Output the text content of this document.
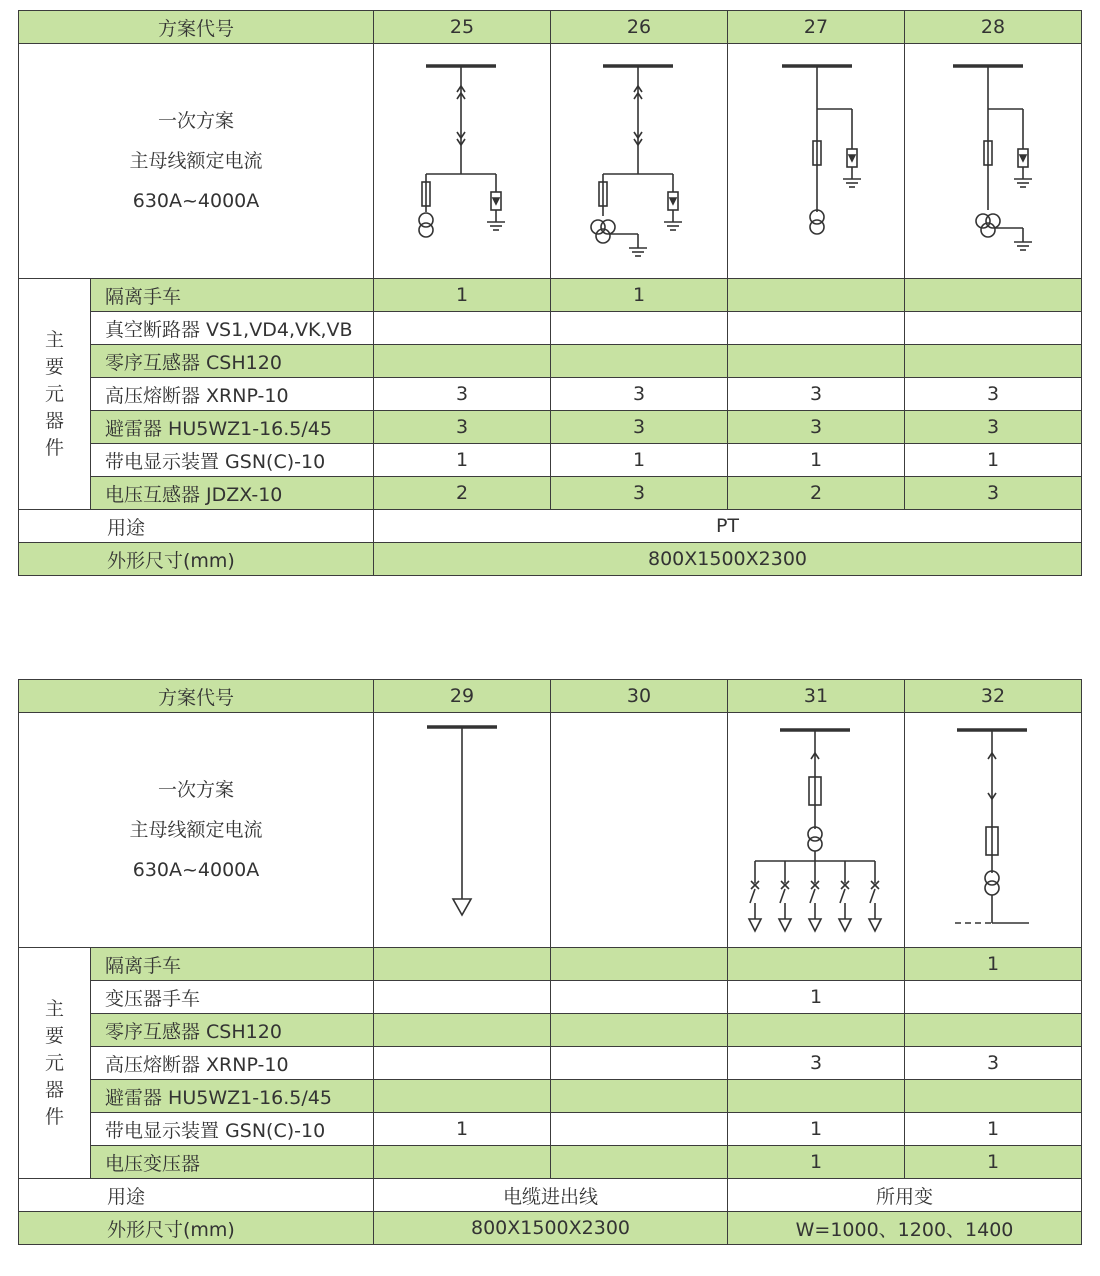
方案代号		25	26	27	28

一次方案
主母线额定电流
630A~4000A

主
要
元
器
件	隔离手车	1	1		
	真空断路器 VS1,VD4,VK,VB				
	零序互感器 CSH120				
	高压熔断器 XRNP-10	3	3	3	3
	避雷器 HU5WZ1-16.5/45	3	3	3	3
	带电显示装置 GSN(C)-10	1	1	1	1
	电压互感器 JDZX-10	2	3	2	3
用途		PT			
外形尺寸(mm)		800X1500X2300			
方案代号		29	30	31	32

一次方案
主母线额定电流
630A~4000A

主
要
元
器
件	隔离手车				1
	变压器手车			1	
	零序互感器 CSH120				
	高压熔断器 XRNP-10			3	3
	避雷器 HU5WZ1-16.5/45				
	带电显示装置 GSN(C)-10	1		1	1
	电压变压器			1	1
用途		电缆进出线		所用变	
外形尺寸(mm)		800X1500X2300		W=1000、1200、1400	
